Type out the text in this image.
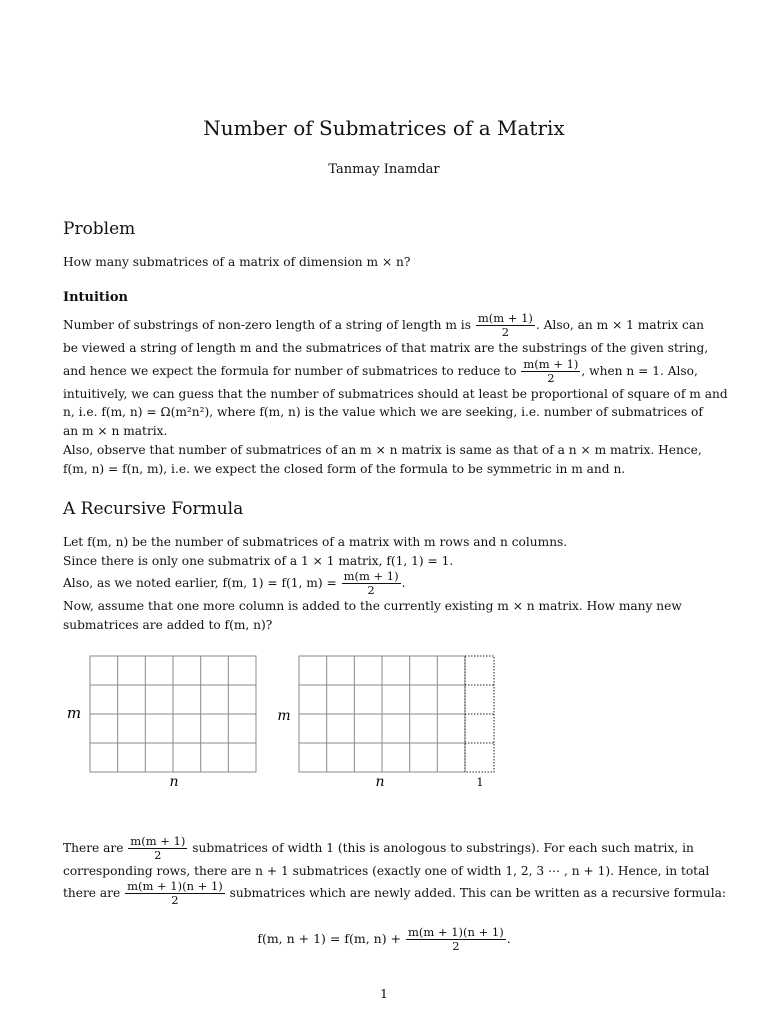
Number of Submatrices of a Matrix
Tanmay Inamdar
Problem
How many submatrices of a matrix of dimension m × n?
Intuition
Number of substrings of non-zero length of a string of length m is $\frac{m(m + 1)}{2}$ . Also, an m × 1 matrix can
be viewed a string of length m and the submatrices of that matrix are the substrings of the given string,
and hence we expect the formula for number of submatrices to reduce to $\frac{m(m + 1)}{2}$ , when n = 1. Also,
intuitively, we can guess that the number of submatrices should at least be proportional of square of m and
n, i.e. f(m, n) = Ω(m²n²), where f(m, n) is the value which we are seeking, i.e. number of submatrices of
an m × n matrix.
Also, observe that number of submatrices of an m × n matrix is same as that of a n × m matrix. Hence,
f(m, n) = f(n, m), i.e. we expect the closed form of the formula to be symmetric in m and n.
A Recursive Formula
Let f(m, n) be the number of submatrices of a matrix with m rows and n columns.
Since there is only one submatrix of a 1 × 1 matrix, f(1, 1) = 1.
Also, as we noted earlier, f(m, 1) = f(1, $m) = \frac{m(m + 1)}{2}$ .
Now, assume that one more column is added to the currently existing m × n matrix. How many new
submatrices are added to f(m, n)?
m
n
m
n	1
There are $\frac{m(m + 1)}{2}$ submatrices of width 1 (this is anologous to substrings). For each such matrix, in
corresponding rows, there are n + 1 submatrices (exactly one of width 1, 2, 3 ⋯ , n + 1). Hence, in total
there are $\frac{m(m + 1)(n + 1)}{2}$ submatrices which are newly added. This can be written as a recursive formula:
f(m, n + 1) = f(m, $n) + \frac{m(m + 1)(n + 1)}{2}$ .
1
